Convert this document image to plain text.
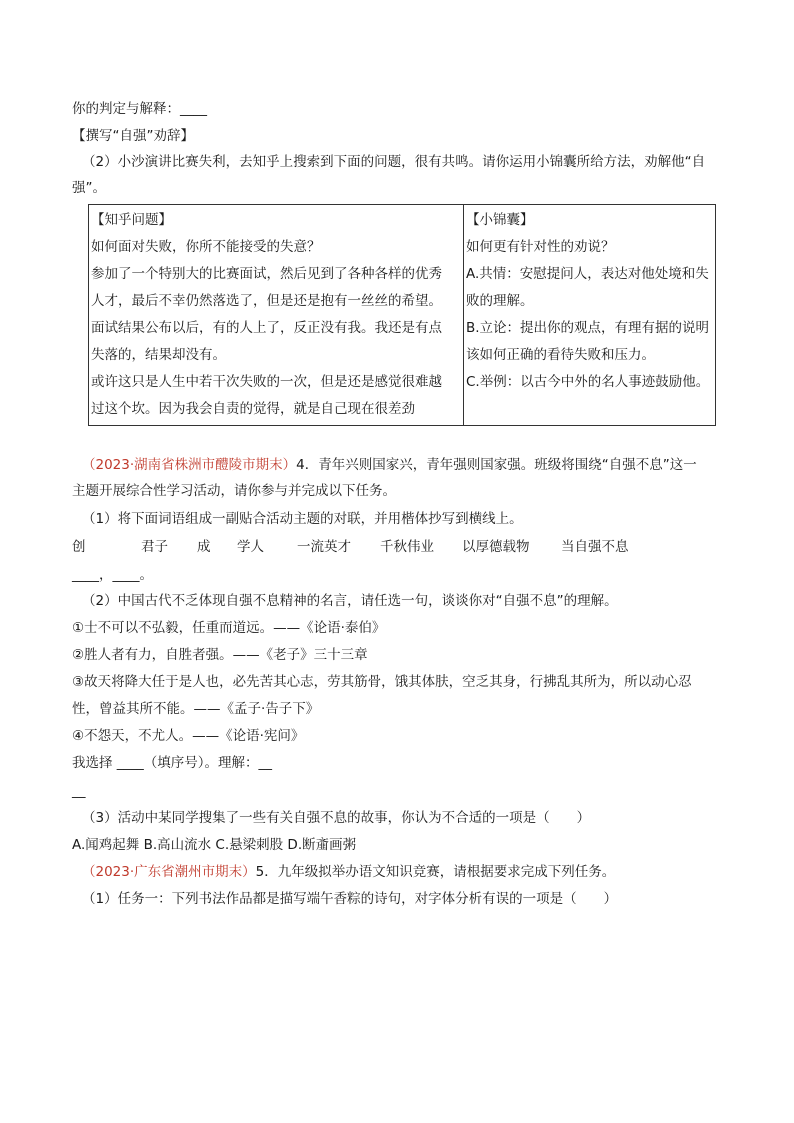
你的判定与解释：____
【撰写“自强”劝辞】
（2）小沙演讲比赛失利，去知乎上搜索到下面的问题，很有共鸣。请你运用小锦囊所给方法，劝解他“自
强”。
【知乎问题】
如何面对失败，你所不能接受的失意？
参加了一个特别大的比赛面试，然后见到了各种各样的优秀
人才，最后不幸仍然落选了，但是还是抱有一丝丝的希望。
面试结果公布以后，有的人上了，反正没有我。我还是有点
失落的，结果却没有。
或许这只是人生中若干次失败的一次，但是还是感觉很难越
过这个坎。因为我会自责的觉得，就是自己现在很差劲

【小锦囊】
如何更有针对性的劝说？
A.共情：安慰提问人，表达对他处境和失
败的理解。
B.立论：提出你的观点，有理有据的说明
该如何正确的看待失败和压力。
C.举例：以古今中外的名人事迹鼓励他。
（2023·湖南省株洲市醴陵市期末）4．青年兴则国家兴，青年强则国家强。班级将围绕“自强不息”这一
主题开展综合性学习活动，请你参与并完成以下任务。
（1）将下面词语组成一副贴合活动主题的对联，并用楷体抄写到横线上。
创	君子 成 学人 一流英才 千秋伟业 以厚德载物 当自强不息
____，____。
（2）中国古代不乏体现自强不息精神的名言，请任选一句，谈谈你对“自强不息”的理解。
①士不可以不弘毅，任重而道远。——《论语·泰伯》
②胜人者有力，自胜者强。——《老子》三十三章
③故天将降大任于是人也，必先苦其心志，劳其筋骨，饿其体肤，空乏其身，行拂乱其所为，所以动心忍
性，曾益其所不能。——《孟子·告子下》
④不怨天，不尤人。——《论语·宪问》
我选择 ____（填序号）。理解：__
__
（3）活动中某同学搜集了一些有关自强不息的故事，你认为不合适的一项是（　　）
A.闻鸡起舞 B.高山流水 C.悬梁刺股 D.断齑画粥
（2023·广东省潮州市期末）5．九年级拟举办语文知识竞赛，请根据要求完成下列任务。
（1）任务一：下列书法作品都是描写端午香粽的诗句，对字体分析有误的一项是（　　）
